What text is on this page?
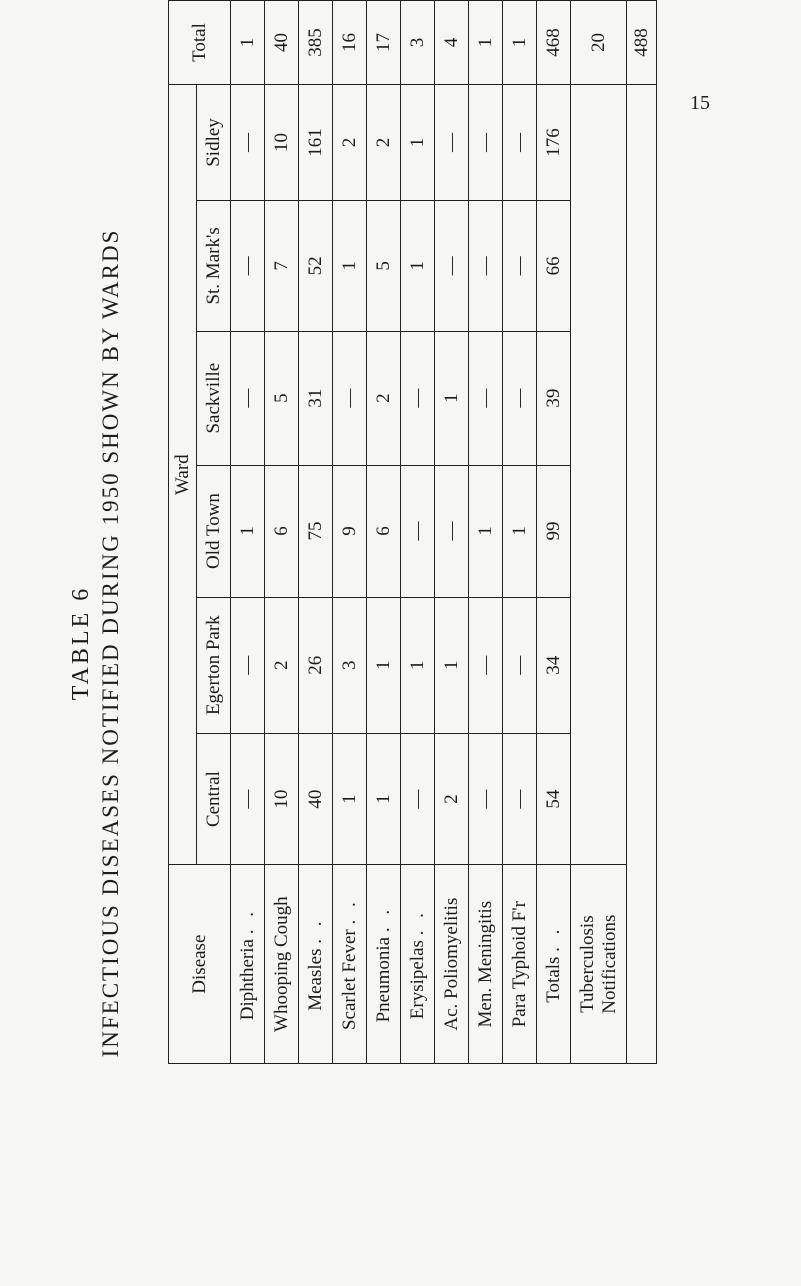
15
TABLE 6 INFECTIOUS DISEASES NOTIFIED DURING 1950 SHOWN BY WARDS	Disease	Ward						Total
	Central	Egerton Park	Old Town	Sackville	St. Mark's	Sidley	
Diphtheria . .	—	—	1	—	—	—	1
Whooping Cough	10	2	6	5	7	10	40
Measles . .	40	26	75	31	52	161	385
Scarlet Fever . .	1	3	9	—	1	2	16
Pneumonia . .	1	1	6	2	5	2	17
Erysipelas . .	—	1	—	—	1	1	3
Ac. Poliomyelitis	2	1	—	1	—	—	4
Men. Meningitis	—	—	1	—	—	—	1
Para Typhoid F'r	—	—	1	—	—	—	1
Totals . .	54	34	99	39	66	176	468

Tuberculosis Notifications							20
							488
